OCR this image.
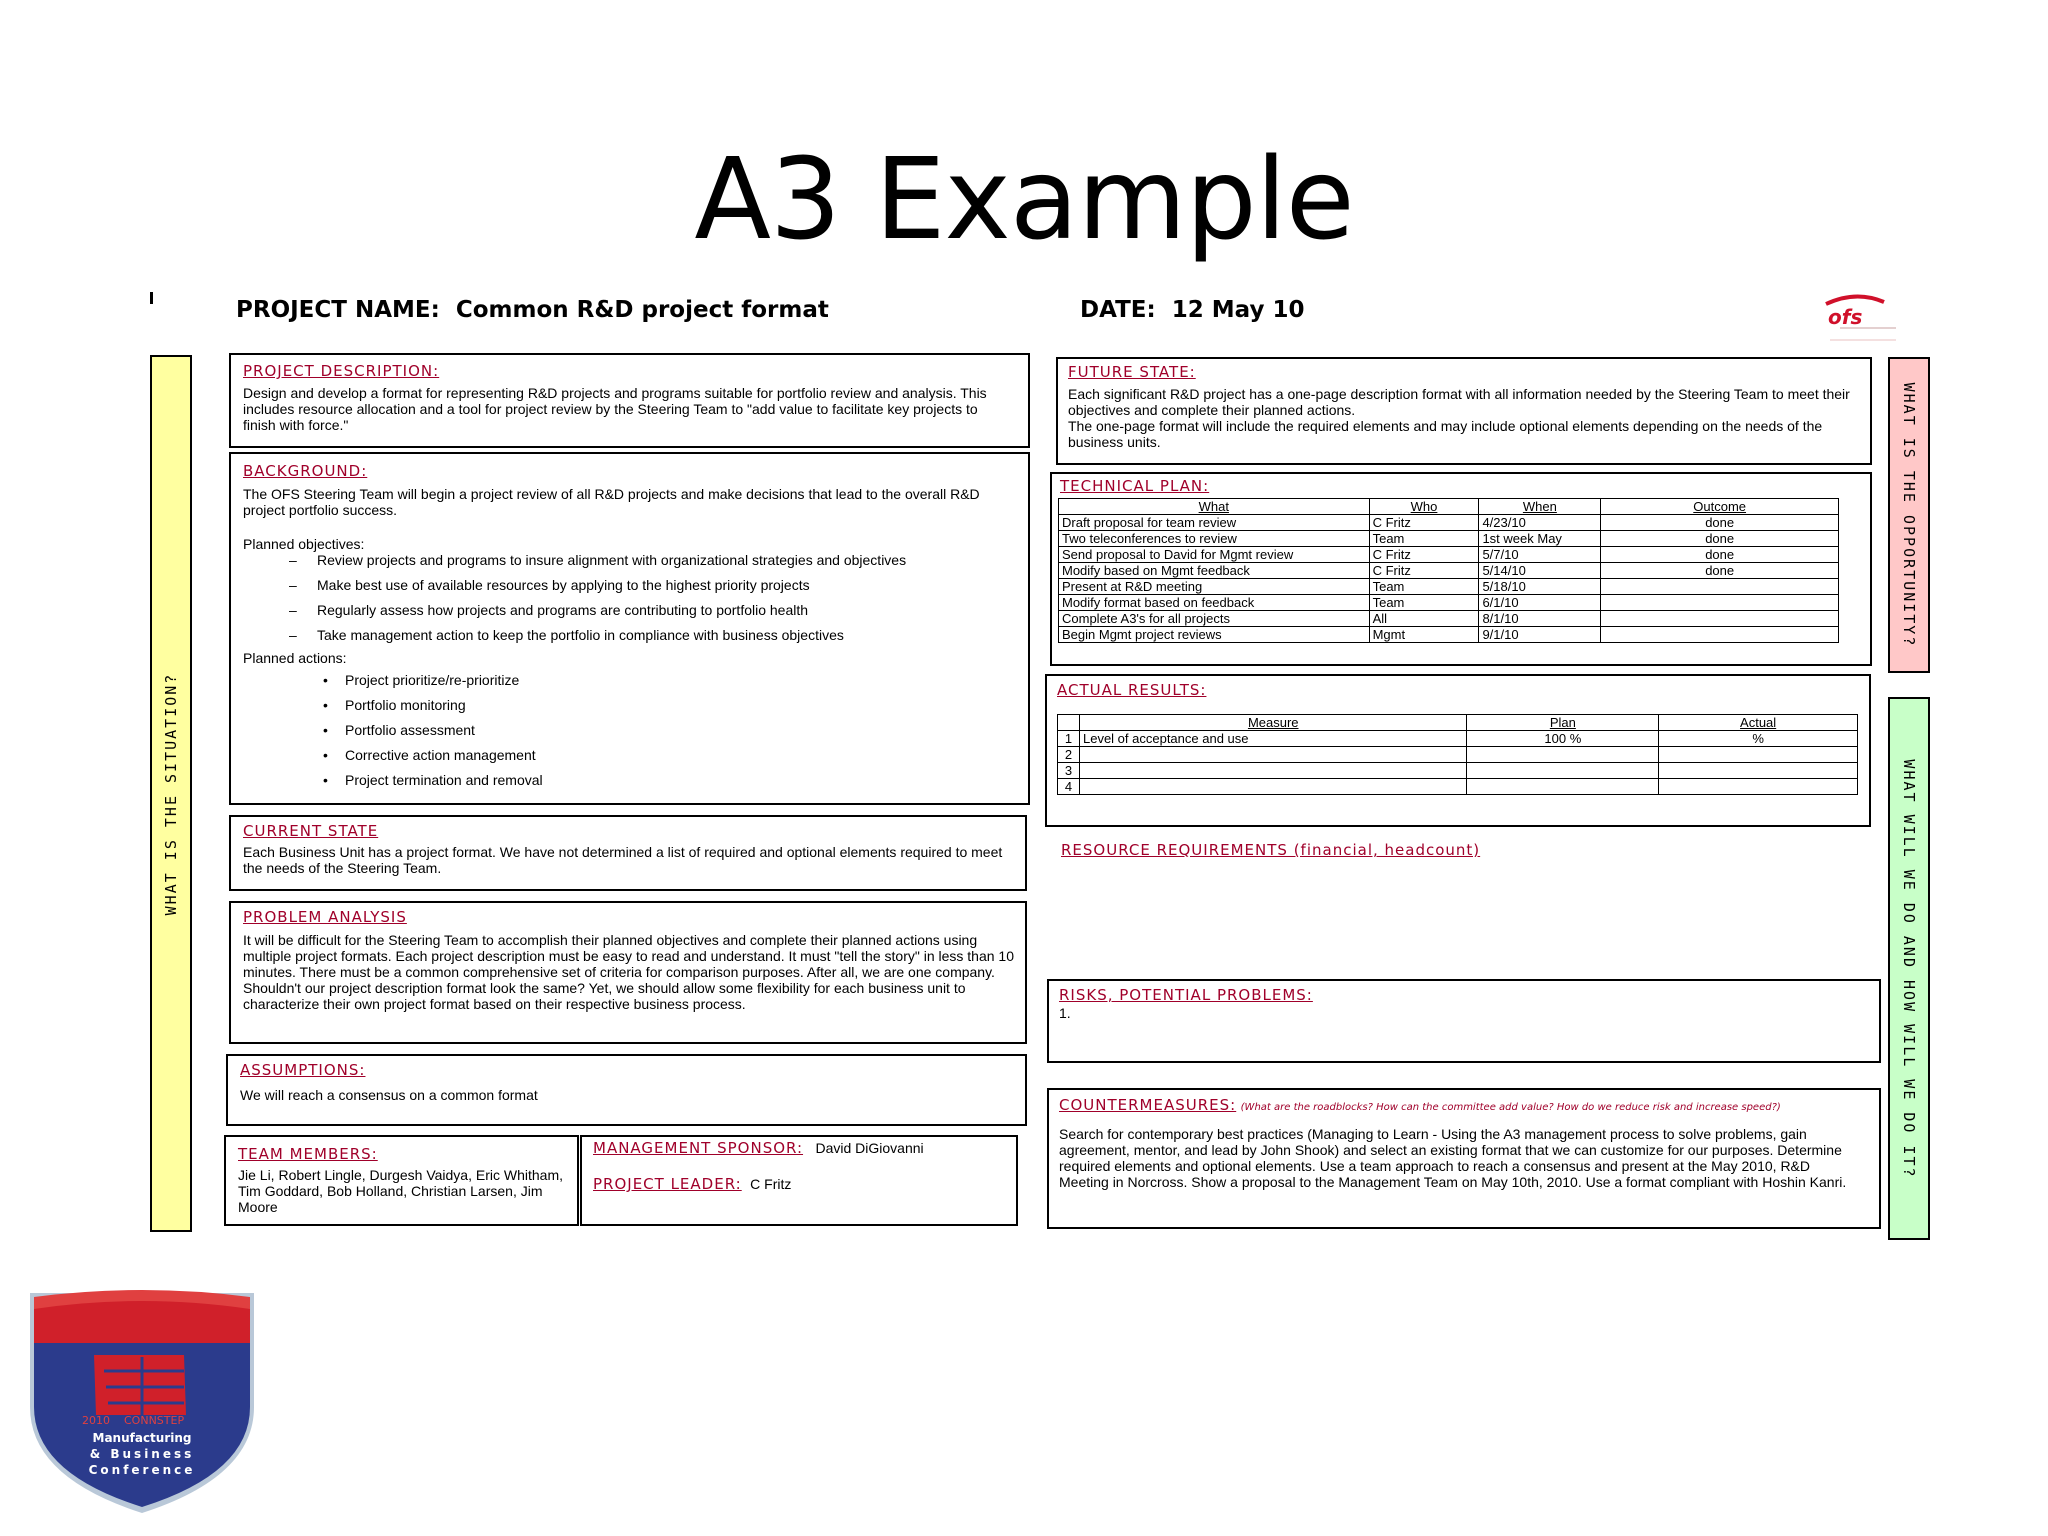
A3 Example
PROJECT NAME: Common R&D project format	DATE: 12 May 10	ofs
WHAT IS THE SITUATION?
WHAT IS THE OPPORTUNITY?
WHAT WILL WE DO AND HOW WILL WE DO IT?
PROJECT DESCRIPTION:
Design and develop a format for representing R&D projects and programs suitable for portfolio review and analysis. This includes resource allocation and a tool for project review by the Steering Team to "add value to facilitate key projects to finish with force."
BACKGROUND:
The OFS Steering Team will begin a project review of all R&D projects and make decisions that lead to the overall R&D project portfolio success.
Planned objectives:
– Review projects and programs to insure alignment with organizational strategies and objectives
– Make best use of available resources by applying to the highest priority projects
– Regularly assess how projects and programs are contributing to portfolio health
– Take management action to keep the portfolio in compliance with business objectives
Planned actions:
• Project prioritize/re-prioritize
• Portfolio monitoring
• Portfolio assessment
• Corrective action management
• Project termination and removal
CURRENT STATE
Each Business Unit has a project format. We have not determined a list of required and optional elements required to meet the needs of the Steering Team.
PROBLEM ANALYSIS
It will be difficult for the Steering Team to accomplish their planned objectives and complete their planned actions using multiple project formats. Each project description must be easy to read and understand. It must "tell the story" in less than 10 minutes. There must be a common comprehensive set of criteria for comparison purposes. After all, we are one company. Shouldn't our project description format look the same? Yet, we should allow some flexibility for each business unit to characterize their own project format based on their respective business process.
ASSUMPTIONS:
We will reach a consensus on a common format
TEAM MEMBERS:
Jie Li, Robert Lingle, Durgesh Vaidya, Eric Whitham, Tim Goddard, Bob Holland, Christian Larsen, Jim Moore
MANAGEMENT SPONSOR: David DiGiovanni
PROJECT LEADER: C Fritz
FUTURE STATE:
Each significant R&D project has a one-page description format with all information needed by the Steering Team to meet their objectives and complete their planned actions.
The one-page format will include the required elements and may include optional elements depending on the needs of the business units.
TECHNICAL PLAN:
What	Who	When	Outcome
Draft proposal for team review	C Fritz	4/23/10	done
Two teleconferences to review	Team	1st week May	done
Send proposal to David for Mgmt review	C Fritz	5/7/10	done
Modify based on Mgmt feedback	C Fritz	5/14/10	done
Present at R&D meeting	Team	5/18/10	
Modify format based on feedback	Team	6/1/10	
Complete A3's for all projects	All	8/1/10	
Begin Mgmt project reviews	Mgmt	9/1/10	
ACTUAL RESULTS:
	Measure	Plan	Actual
1	Level of acceptance and use	100 %	%
2			
3			
4			
RESOURCE REQUIREMENTS (financial, headcount)
RISKS, POTENTIAL PROBLEMS:
1.
COUNTERMEASURES: (What are the roadblocks? How can the committee add value? How do we reduce risk and increase speed?)
Search for contemporary best practices (Managing to Learn - Using the A3 management process to solve problems, gain agreement, mentor, and lead by John Shook) and select an existing format that we can customize for our purposes. Determine required elements and optional elements. Use a team approach to reach a consensus and present at the May 2010, R&D Meeting in Norcross. Show a proposal to the Management Team on May 10th, 2010. Use a format compliant with Hoshin Kanri.
2010 CONNSTEP
Manufacturing
& Business
Conference
